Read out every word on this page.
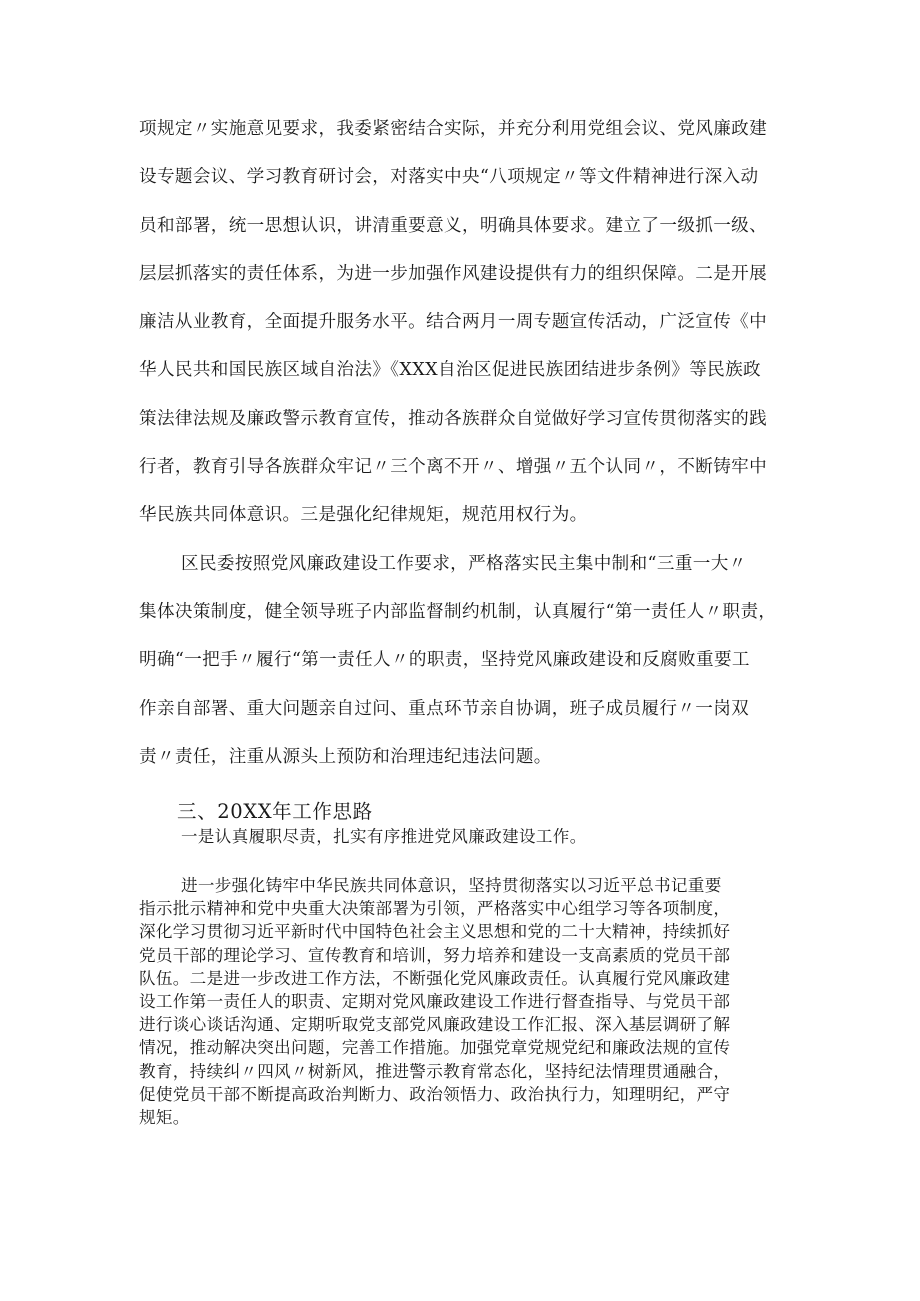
项规定〃实施意见要求，我委紧密结合实际，并充分利用党组会议、党风廉政建
设专题会议、学习教育研讨会，对落实中央“八项规定〃等文件精神进行深入动
员和部署，统一思想认识，讲清重要意义，明确具体要求。建立了一级抓一级、
层层抓落实的责任体系，为进一步加强作风建设提供有力的组织保障。二是开展
廉洁从业教育，全面提升服务水平。结合两月一周专题宣传活动，广泛宣传《中
华人民共和国民族区域自治法》《XXX自治区促进民族团结进步条例》等民族政
策法律法规及廉政警示教育宣传，推动各族群众自觉做好学习宣传贯彻落实的践
行者，教育引导各族群众牢记〃三个离不开〃、增强〃五个认同〃，不断铸牢中
华民族共同体意识。三是强化纪律规矩，规范用权行为。
区民委按照党风廉政建设工作要求，严格落实民主集中制和“三重一大〃
集体决策制度，健全领导班子内部监督制约机制，认真履行“第一责任人〃职责，
明确“一把手〃履行“第一责任人〃的职责，坚持党风廉政建设和反腐败重要工
作亲自部署、重大问题亲自过问、重点环节亲自协调，班子成员履行〃一岗双
责〃责任，注重从源头上预防和治理违纪违法问题。
三、20XX年工作思路
一是认真履职尽责，扎实有序推进党风廉政建设工作。
进一步强化铸牢中华民族共同体意识，坚持贯彻落实以习近平总书记重要
指示批示精神和党中央重大决策部署为引领，严格落实中心组学习等各项制度，
深化学习贯彻习近平新时代中国特色社会主义思想和党的二十大精神，持续抓好
党员干部的理论学习、宣传教育和培训，努力培养和建设一支高素质的党员干部
队伍。二是进一步改进工作方法，不断强化党风廉政责任。认真履行党风廉政建
设工作第一责任人的职责、定期对党风廉政建设工作进行督查指导、与党员干部
进行谈心谈话沟通、定期听取党支部党风廉政建设工作汇报、深入基层调研了解
情况，推动解决突出问题，完善工作措施。加强党章党规党纪和廉政法规的宣传
教育，持续纠〃四风〃树新风，推进警示教育常态化，坚持纪法情理贯通融合，
促使党员干部不断提高政治判断力、政治领悟力、政治执行力，知理明纪，严守
规矩。
